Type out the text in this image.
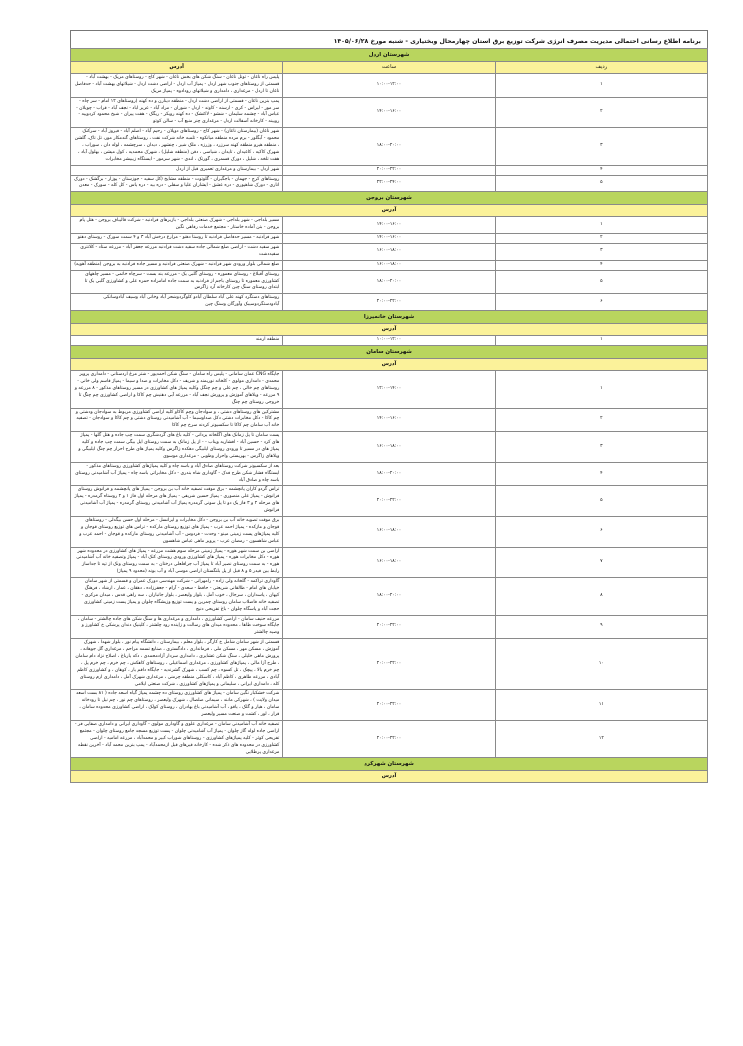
برنامه اطلاع رسانی احتمالی مدیریت مصرف انرژی شرکت توزیع برق استان چهارمحال وبختیاری - شنبه مورخ ۱۴۰۵/۰۶/۲۸
شهرستان اردل		
ردیف	ساعت	آدرس
۱	۱۰:۰۰-۱۲:۰۰	پلیس راه ناغان - تونل ناغان - سنگ شکن های بخش ناغان - شهر کاج - روستاهای مزیک - بهشت آباد - قسمتی از روستاهای جنوب شهر اردل - پمپاژ آب اردل - اراضی دشت اردل - شیلاتهای بهشت آباد - حدفاصل ناغان تا اردل - مرغداری ، دامداری و شیلاتهای رودادوه - پمپاژ مریک
۲	۱۴:۰۰-۱۶:۰۰	پمپ بنزین ناغان - قسمتی از اراضی دشت اردل - منطقه دینارن و ده کهنه (روستاهای ۱۲ امام - سر چاه - سر مور - لیراس - کری - ارسنه - کاوند - اردل - شوران - مراد آباد - عزیز اباد - نجف آباد - قراب - چویلان - عباس آباد - چشمه سلیمان - ششو - لاکتشک - ده کهنه رویکر - ریگک - هفت پیران - شیخ محمود کردوپیه - رویینه - کارخانه آسفالت اردل - مرغداری چنر منبع آب - سالن کوتو
۳	۱۸:۰۰-۲۰:۰۰	شهر ناغان (بیمارستان ناغان) - شهر کاج - روستاهای دوپلان - رحیم آباد - اصلم آباد - فیروز آباد - سرکنک محمود - آبگلور - برم مرده منطقه میانکوه - تلمبه خانه شرکت نفت ، روستاهای گندمکار مور، تل تاک، گلشن ، منطقه هیرو منطقه کهنه سرزرد ، وزرزه ، ملک شیر ، چنشهر ، دیدان ، سرچشمه ، لوله دان ، سوراب ، شهرک کاکیه ، کاغیدان ، تایدان ، شیاسی ، دقن (منطقه شلیل) ، شهرک محمدیه ، کول میشن ، بهلول آباد ، هفت تلخه ، شلیل ، دورک قسمری ، گورتک ، لندی - شهر سرمور - ایستگاه زیبیشر مخابرات
۴	۲۰:۰۰-۲۲:۰۰	شهر اردل - بیمارستان و مرغداری تعمیری قبل از اردل
۵	۲۲:۰۰-۲۴:۰۰	روستاهای کرچ - جهمان - باجگیران - گلوتوت - منطقه مشایخ (کل سفید - جوزستان - پوزار - بزگشک - دورک اناری - دورک شاهپوری - دره عشق - ایشاران علیا و سفلی - دره بید - دره یاس - کل کله - سورک - معدن
شهرستان بروجن		
آدرس		
۱	۱۴:۰۰-۱۶:۰۰	مسیر بلداجی - شهر بلداجی - شهرک صنعتی بلداجی - بازیرهای فرادنبه - شرکت قالیباف بروجن - هتل پام بروجن - بتن آماده خاستار - مجتمع خدمات رفاهی نگین
۲	۱۴:۰۰-۱۶:۰۰	شهر فرادنبه - مسیر حدفاصل فرادنبه تا روستا دهنو - مزارع درخش آباد ۳ و ۴ سمت سورک - روستای دهنو
۳	۱۶:۰۰-۱۸:۰۰	شهر سفید دشت - اراضی ضلع شمالی جاده سفید دشت فرادنبه مزرعه جعفر آباد - مزرعه ستاد - کلانتری سفیددشت
۴	۱۶:۰۰-۱۸:۰۰	ضلع شمالی بلوار ورودی شهر فرادنبه - شهرک صنعتی فرادنبه و مسیر جاده فرادنبه به بروجن (منطقه آهویه)
۵	۱۸:۰۰-۲۰:۰۰	روستای آقبلاغ - روستای معموره - روستای گلبی یک - مزرعه بند بست - سرچاه خاتمی - مسیر چاههای کشاورزی معموره تا روستای باجم از فرادنبه به سمت جاده امامزاده حمزه علی و کشاورزی گلبی یک تا ابتدای روستای سنگ چین کارخانه آرد زاگرس
۶	۲۰:۰۰-۲۲:۰۰	روستاهای دستگرد کهنه علی آباد سلطان آبادو کلوگردوشحر آباد وخانی آباد وسیف آبادوسانکی آبادودستگردوسیبک وآورگان وسنگ چین
شهرستان خانمیرزا		
آدرس		
۱	۱۰:۰۰-۱۲:۰۰	منطقه ارمند
شهرستان سامان		
آدرس		
۱	۱۲:۰۰-۱۴:۰۰	جایگاه CNG عمان سامانی - پلیس راه سامان - سنگ شکن احمدپور - شتر مرغ اردستانی - دامداری پرویز محمدی - دامداری مولوی - کلخانه نوریمند و شریف - دکل مخابرات و صدا و سیما - پمپاژ قاسم ولی خانی - روستاهای چم خالی ، چم علی و چم چنگل وکلیه پمپاژ های کشاورزی در مسیر روستاهای مذکور - ۸ مزرعه و ۹ مزرعه - ویلاهای آموزش و پرورش نجف آباد - مزرعه آبی دهنیش چم کاکا و اراضی کشاورزی چم چنگ تا خروجی روستای چم چنگ
۲	۱۴:۰۰-۱۶:۰۰	مشترکین های روستاهای دشتی ، و سوادجان وچم کاکاو کلیه اراضی کشاورزی مربوط به سوادجان ودشتی و چم کاکا - دکل مخابرات دشتی دکل صداوسیما - آب آشامیدنی روستای دشتی و چم کاکا و سوادجان - تصفیه خانه آب سامان چم کاکا تا سکسیونر کردنه سرخ چم کاکا
۳	۱۶:۰۰-۱۸:۰۰	پست سامان تا پل زمانک های اگلخانه یزدانی - کلیه باغ های گردشگری سمت چپ جاده و هتل گلها - پمپاژ های کرد - حسین آباد - افشاریه وپناب - - از پل زمانک به سمت روستای ایل بیگی سمت چپ جاده و کلیه پمپاژ های در مسیر تا ورودی روستای ایلبیگی دهکده زاگرس وکلیه پمپاژ های طرح احرار چم چنگ ایلبیگی و ویلاهای زاگرس - بهزیستی واحرار وطوبی - مرغداری موسوی
۴	۱۸:۰۰-۲۰:۰۰	بعد از سکسیونر شرکت روستاهای صادق آباد و باسه چاه و کلیه پمپاژهای کشاورزی روستاهای مذکور - ایستگاه فشار شکن طرح فدک - گاوداری شاه بندری - دکل مخابراتی باسه چاه - پمپاژ آب آشامیدنی روستای باسه چاه و صادق آباد
۵	۲۰:۰۰-۲۲:۰۰	تراس گردو کاران پانچشمه - برق موقت تصفیه خانه آب بن بروجن - پمپاژ های پانچشمه و فرانوش روستای فرانوش - پمپاژ علی منصوری - پمپاژ حسین شریفی - پمپاژ های مرحله اول فاز ۱ و ۲ روستاه گرمدره - پمپاژ های مرحله ۲ و ۳ فاز یک دو تا پل سونی گرمدره پمپاژ آب آشامیدنی روستای گرمدره - پمپاژ آب آشامیدنی فرانوش
۶	۱۶:۰۰-۱۸:۰۰	برق موقت تصوبه خانه آب بن بروجن - دکل مخابرات و ایرانسل - مرحله اول حسن بیگدلی - روستاهای قوجان و مازکده - پمپاژ احمد عرب - پمپاژ های توزیع روستای مارکده - تراس های توزیع روستای قوجان و کلیه پمپاژهای پست زمینی مینو - وحدت - فردوس - آب آشامیدنی روستای مارکده و قوجان - احمد عرب و عباس شاهسون - رمضان عرب - پرویز ماهی عباس شاهسون
۷	۱۶:۰۰-۱۸:۰۰	اراضی بن سمت شهر هوره - پمپاژ زمینی مرحله سوم هشت مزرعه - پمپاژ های کشاورزی در محدوده شهر هوره - دکل مخابرات هوره - پمپاژ های کشاورزی ورودی روستای کتک آباد - پمپاژ وتصفیه خانه آب آشامیدنی هوره - به سمت روستای نصیر آباد تا پمپاژ آب جرافلعلی درختان - به سمت روستای ونک از تپه تا جداساز رابط بین فیدر ۵ و ۸ قبل از پل بلنگستان اراضی موسی آباد و آب بونه (محدود ۹ پمپاژ)
۸	۱۸:۰۰-۲۰:۰۰	گاوداری تراکمه - گلخانه ولی زاده - رامهرانی - شرکت مهندسی دورک عمران و قسمتی از شهر سامان خیابان های امام - طالقانی شریعتی - حافظ - سعدی - آرام - جعفرزاده ، دهقان ، عمار ، ارشاد ، فرهنگ کیهان ، پاسداران ، سرجال ، خوب آمل ، بلوار ولیعصر ، بلوار جانباران ، سه راهی قدس ، میدان مرکزی - تصفیه خانه فاضلاب سامان روستای چمرین و پست توزیع وزیشگاه چلوان و پمپاژ پست زمینی کشاورزی حجت آباد و پاسگاه چلوان - باغ تفریحی دنیج
۹	۲۰:۰۰-۲۲:۰۰	مزرعه حنیف سامان - اراضی کشاورزی ، دامداری و مرغداری ها و سنگ شکن های جاده چالشتر - سامان ، جایگاه سوخت طاها ، محدوده میدان های رسالت و زاینده رود چلشتر ، کلینیک دندان پزشکی خ کشاورز و وصیه چالشتر
۱۰	۲۰:۰۰-۲۲:۰۰	قسمتی از شهر سامان شامل خ کارگر ، بلوار معلم ، بیمارستان ، دانشگاه پیام نور ، بلوار شهدا ، شهرک آموزش ، مسکن مهر ، مسکن ملی ، فرمانداری ، دادگستری ، صنایع تسمه مراحم ، مرغداری گل جوهانه ، پرورش ماهی خلیلی ، سنگ شکن عشایری ، دامداری سردار آزادمحمدی ، دکه یارباغ ، اصلاح نژاد دام سامان ، طرح آزا مالی ، پمپاژهای کشاورزی ، مرغداری اسماعیلی ، روستاهای کاهکش ، چم خرم ، چم خرم پل ، چم خرم بالا ، پیچک ، تل کسوه ، چم کسب ، شهرک گشرندیه - جایگاه داقم یار ، کوهان ، و کشاورزی کاظم آبادی ، مزرعه طاهری ، کاظم آباد ، کاسکلی منطقه چرمنی ، مرغداری شهرک آمل ، دامداری ارم روستای کله ، دامداری ایرانی ، سلیمانی و پمپاژهای کشاورزی ، شرکت صنعتی ایلامی
۱۱	۲۰:۰۰-۲۲:۰۰	شرکت خشکبار نگین سامان - پمپاژ های کشاورزی روستای ده چشمه پمپاژ گیاه اسعد جاده ( ۸۱ بست اسعد میدان ولایت ) ، شهرکی مانند ، سیمانی صلصال ، شهرک ولیعصر ، روستاهای چم نور ، چم نیل تا رودخانه سامان ، هیار و گلک ، یاقو ، آب آشامیدنی باغ بهادران ، روستای کولک ، اراضی کشاورزی محدوده سامان ، قرار ، لور ، کشت و صنعت مسیر ولیعصر
۱۲	۲۰:۰۰-۲۲:۰۰	تصفیه خانه آب آشامیدنی سامان - مرغداری علوی و گاوداری مولوی - گاوداری ایرانی و دامداری صفایی فر - اراضی جاده لوله گاز چلوان - پمپاژ آب آشامیدنی چلوان - پست توزیع مسجد جامع روستای چلوان - مجتمع تفریحی کوثر - کلیه پمپاژهای کشاورزی - روستاهای شوراب کبیر و محمدآباد ، مزرعه امامیه - اراضی کشاورزی در محدوده های ذکر شده - کارخانه قیرهای قبل ازمحمدآباد - پمپ بنزین محمد آباد - آخرین نقطه مرغداری پرطلایی
شهرستان شهرکرد		
آدرس		
